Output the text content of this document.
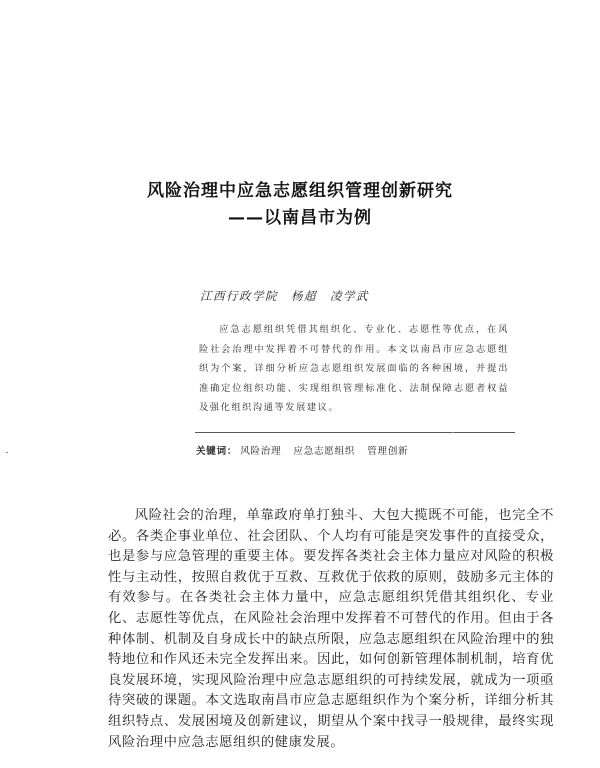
风险治理中应急志愿组织管理创新研究
——以南昌市为例
江西行政学院　杨超　凌学武
应急志愿组织凭借其组织化、专业化、志愿性等优点，在风险社会治理中发挥着不可替代的作用。本文以南昌市应急志愿组织为个案，详细分析应急志愿组织发展面临的各种困境，并提出准确定位组织功能、实现组织管理标准化、法制保障志愿者权益及强化组织沟通等发展建议。
关键词： 风险治理 应急志愿组织 管理创新
风险社会的治理，单靠政府单打独斗、大包大揽既不可能，也完全不必。各类企事业单位、社会团队、个人均有可能是突发事件的直接受众，也是参与应急管理的重要主体。要发挥各类社会主体力量应对风险的积极性与主动性，按照自救优于互救、互救优于依救的原则，鼓励多元主体的有效参与。在各类社会主体力量中，应急志愿组织凭借其组织化、专业化、志愿性等优点，在风险社会治理中发挥着不可替代的作用。但由于各种体制、机制及自身成长中的缺点所限，应急志愿组织在风险治理中的独特地位和作风还未完全发挥出来。因此，如何创新管理体制机制，培育优良发展环境，实现风险治理中应急志愿组织的可持续发展，就成为一项亟待突破的课题。本文选取南昌市应急志愿组织作为个案分析，详细分析其组织特点、发展困境及创新建议，期望从个案中找寻一般规律，最终实现风险治理中应急志愿组织的健康发展。
